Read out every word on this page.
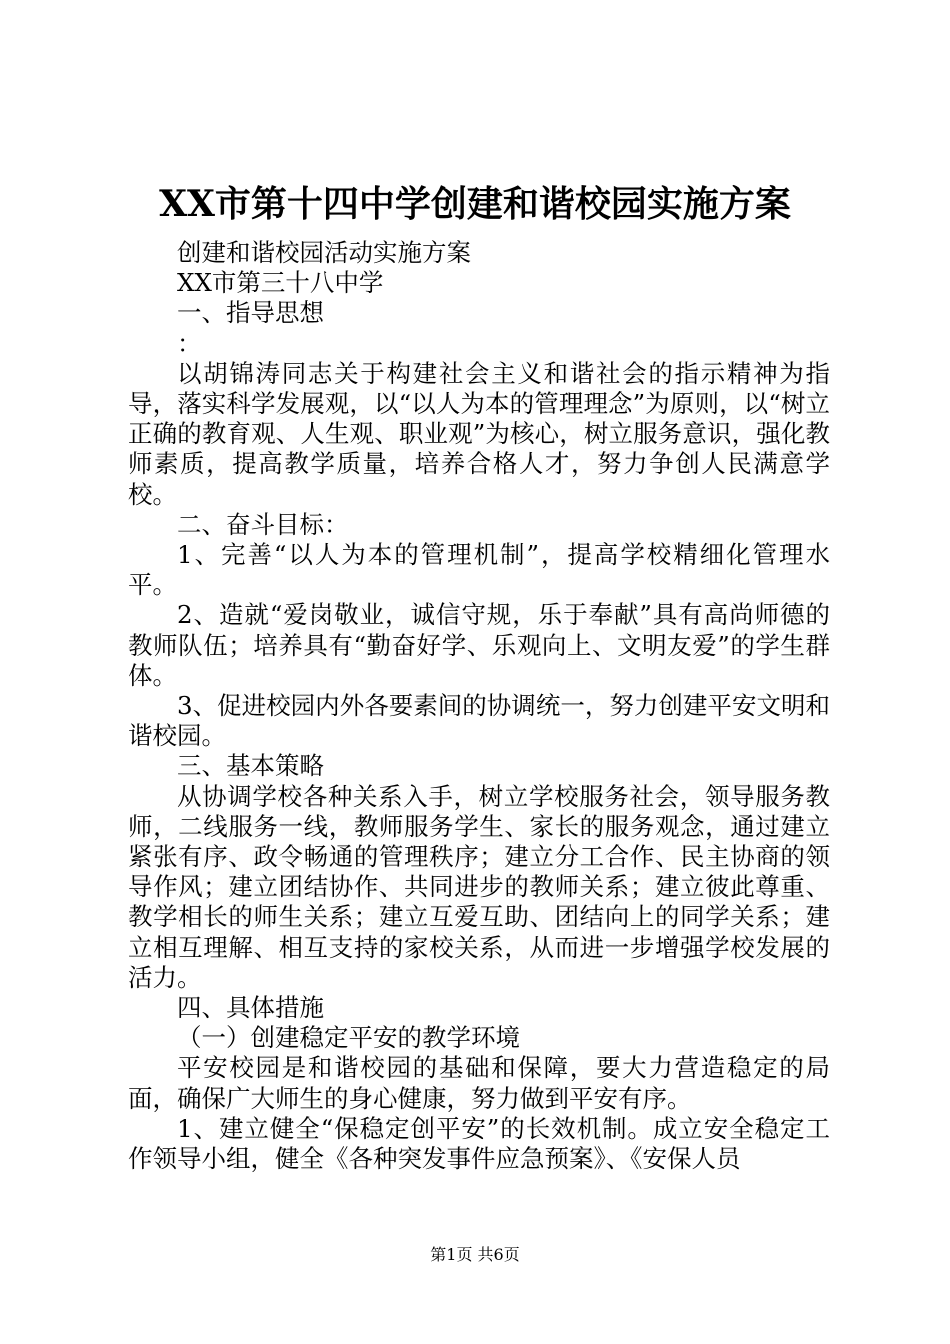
XX市第十四中学创建和谐校园实施方案

创建和谐校园活动实施方案

XX市第三十八中学

一、指导思想

：

以胡锦涛同志关于构建社会主义和谐社会的指示精神为指导，落实科学发展观，以“以人为本的管理理念”为原则，以“树立正确的教育观、人生观、职业观”为核心，树立服务意识，强化教师素质，提高教学质量，培养合格人才，努力争创人民满意学校。

二、奋斗目标：

1、完善“以人为本的管理机制”，提高学校精细化管理水平。

2、造就“爱岗敬业，诚信守规，乐于奉献”具有高尚师德的教师队伍；培养具有“勤奋好学、乐观向上、文明友爱”的学生群体。

3、促进校园内外各要素间的协调统一，努力创建平安文明和谐校园。

三、基本策略

从协调学校各种关系入手，树立学校服务社会，领导服务教师，二线服务一线，教师服务学生、家长的服务观念，通过建立紧张有序、政令畅通的管理秩序；建立分工合作、民主协商的领导作风；建立团结协作、共同进步的教师关系；建立彼此尊重、教学相长的师生关系；建立互爱互助、团结向上的同学关系；建立相互理解、相互支持的家校关系，从而进一步增强学校发展的活力。

四、具体措施

（一）创建稳定平安的教学环境

平安校园是和谐校园的基础和保障，要大力营造稳定的局面，确保广大师生的身心健康，努力做到平安有序。

1、建立健全“保稳定创平安”的长效机制。成立安全稳定工作领导小组，健全《各种突发事件应急预案》、《安保人员

第1页 共6页
